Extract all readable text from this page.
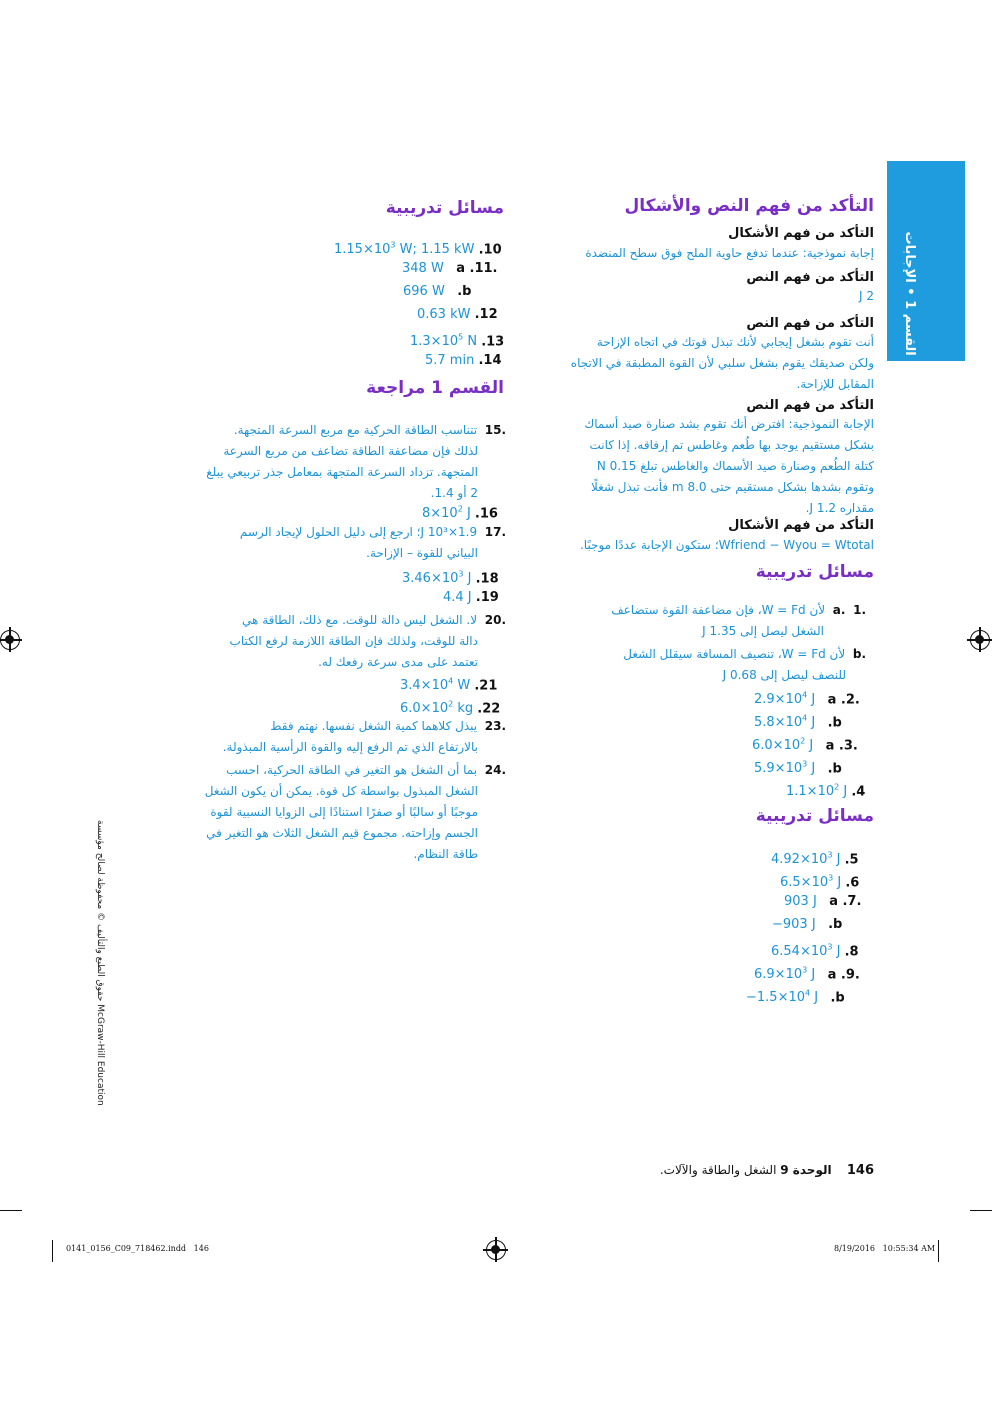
القسم 1 • الإجابات
حقوق الطبع والتأليف © محفوظة لصالح مؤسسة McGraw-Hill Education
التأكد من فهم النص والأشكال
التأكد من فهم الأشكال
إجابة نموذجية: عندما تدفع حاوية الملح فوق سطح المنضدة
التأكد من فهم النص
2 J
التأكد من فهم النص
أنت تقوم بشغل إيجابي لأنك تبذل قوتك في اتجاه الإزاحة
ولكن صديقك يقوم بشغل سلبي لأن القوة المطبقة في الاتجاه
المقابل للإزاحة.
التأكد من فهم النص
الإجابة النموذجية: افترض أنك تقوم بشد صنارة صيد أسماك
بشكل مستقيم يوجد بها طُعم وغاطس تم إرفاقه. إذا كانت
كتلة الطُعم وصنارة صيد الأسماك والغاطس تبلغ 0.15 N
وتقوم بشدها بشكل مستقيم حتى 8.0 m فأنت تبذل شغلًا
مقداره 1.2 J.
التأكد من فهم الأشكال
Wfriend − Wyou = Wtotal؛ ستكون الإجابة عددًا موجبًا.
مسائل تدريبية
.1  .a  لأن W = Fd، فإن مضاعفة القوة ستضاعف
الشغل ليصل إلى 1.35 J
.b  لأن W = Fd، تنصيف المسافة سيقلل الشغل
للنصف ليصل إلى 0.68 J
$2.9\times 10^4$ J a .2.
$5.8\times 10^4$ J .b
$6.0\times 10^2$ J a .3.
$5.9\times 10^3$ J .b
$1.1\times 10^2$ J .4
مسائل تدريبية
$4.92\times 10^3$ J .5
$6.5\times 10^3$ J .6
903 J a .7.
−903 J .b
$6.54\times 10^3$ J .8
$6.9\times 10^3$ J a .9.
$-1.5\times 10^4$ J .b
مسائل تدريبية
$1.15\times 10^3$ W; 1.15 kW .10
348 W a .11.
696 W .b
0.63 kW .12
$1.3\times 10^5$ N .13
5.7 min .14
القسم 1 مراجعة
.15  تتناسب الطاقة الحركية مع مربع السرعة المتجهة.
لذلك فإن مضاعفة الطاقة تضاعف من مربع السرعة
المتجهة. تزداد السرعة المتجهة بمعامل جذر تربيعي يبلغ
2 أو 1.4.
$8\times 10^2$ J .16
.17  1.9×10³ J؛ ارجع إلى دليل الحلول لإيجاد الرسم
البياني للقوة – الإزاحة.
$3.46\times 10^3$ J .18
4.4 J .19
.20  لا. الشغل ليس دالة للوقت. مع ذلك، الطاقة هي
دالة للوقت، ولذلك فإن الطاقة اللازمة لرفع الكتاب
تعتمد على مدى سرعة رفعك له.
$3.4\times 10^4$ W .21
$6.0\times 10^2$ kg .22
.23  يبذل كلاهما كمية الشغل نفسها. نهتم فقط
بالارتفاع الذي تم الرفع إليه والقوة الرأسية المبذولة.
.24  بما أن الشغل هو التغير في الطاقة الحركية، احسب
الشغل المبذول بواسطة كل قوة. يمكن أن يكون الشغل
موجبًا أو سالبًا أو صفرًا استنادًا إلى الزوايا النسبية لقوة
الجسم وإزاحته. مجموع قيم الشغل الثلاث هو التغير في
طاقة النظام.
146    الوحدة 9 الشغل والطاقة والآلات.
0141_0156_C09_718462.indd   146	8/19/2016   10:55:34 AM
